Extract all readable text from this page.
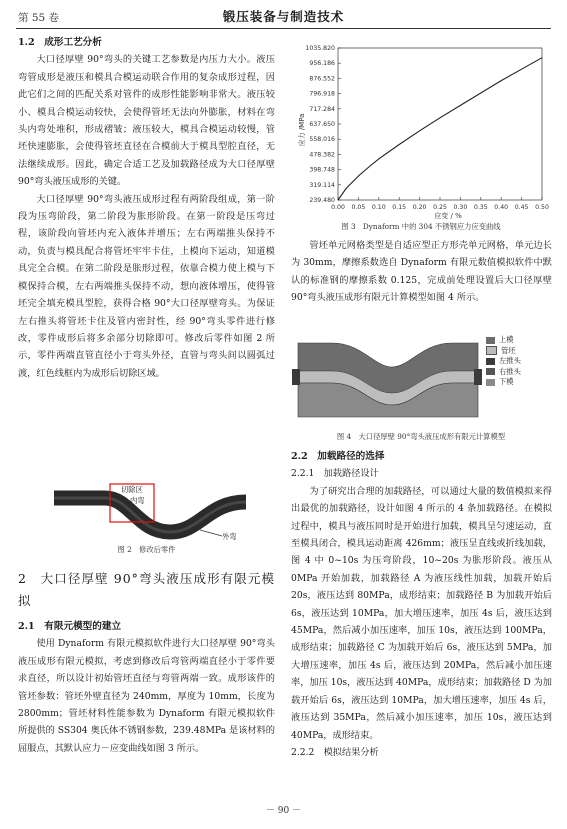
第 55 卷	锻压装备与制造技术
1.2　成形工艺分析

大口径厚壁 90°弯头的关键工艺参数是内压力大小。液压弯管成形是液压和模具合模运动联合作用的复杂成形过程，因此它们之间的匹配关系对管件的成形性能影响非常大。液压较小、模具合模运动较快，会使得管坯无法向外膨胀，材料在弯头内弯处堆积，形成褶皱；液压较大，模具合模运动较慢，管坯快速膨胀，会使得管坯直径在合模前大于模具型腔直径，无法继续成形。因此，确定合适工艺及加载路径成为大口径厚壁 90°弯头液压成形的关键。

大口径厚壁 90°弯头液压成形过程有两阶段组成，第一阶段为压弯阶段，第二阶段为胀形阶段。在第一阶段是压弯过程，该阶段向管坯内充入液体并增压；左右两端推头保持不动，负责与模具配合将管坯牢牢卡住，上模向下运动，知道模具完全合模。在第二阶段是胀形过程，依靠合模力使上模与下模保持合模，左右两端推头保持不动，想向液体增压，使得管坯完全填充模具型腔，获得合格 90°大口径厚壁弯头。为保证左右推头将管坯卡住及管内密封性，经 90°弯头零件进行修改，零件成形后将多余部分切除即可。修改后零件如图 2 所示，零件两端直管直径小于弯头外径，直管与弯头间以圆弧过渡，红色线框内为成形后切除区域。

切除区
内弯
外弯
图 2　修改后零件
2　大口径厚壁 90°弯头液压成形有限元模拟
2.1　有限元模型的建立

使用 Dynaform 有限元模拟软件进行大口径厚壁 90°弯头液压成形有限元模拟，考虑到修改后弯管两端直径小于零件要求直径，所以设计初始管坯直径与弯管两端一致。成形该件的管坯参数：管坯外壁直径为 240mm，厚度为 10mm，长度为 2800mm；管坯材料性能参数为 Dynaform 有限元模拟软件所提供的 SS304 奥氏体不锈钢参数，239.48MPa 是该材料的屈服点，其默认应力－应变曲线如图 3 所示。

239.480
319.114
398.748
478.382
558.016
637.650
717.284
796.918
876.552
956.186
1035.820
0.00 0.05 0.10 0.15 0.20 0.25 0.30 0.35 0.40 0.45 0.50
应力 /MPa
应变 / %
图 3　Dynaform 中的 304 不锈钢应力应变曲线

管坯单元网格类型是自适应型正方形壳单元网格，单元边长为 30mm，摩擦系数选自 Dynaform 有限元数值模拟软件中默认的标准钢的摩擦系数 0.125，完成前处理设置后大口径厚壁 90°弯头液压成形有限元计算模型如图 4 所示。

上模
管坯
左推头
右推头
下模
图 4　大口径厚壁 90°弯头液压成形有限元计算模型
2.2　加载路径的选择
2.2.1　加载路径设计

为了研究出合理的加载路径，可以通过大量的数值模拟来得出最优的加载路径，设计如图 4 所示的 4 条加载路径。在模拟过程中，模具与液压同时是开始进行加载，模具呈匀速运动，直至模具闭合，模具运动距离 426mm；液压呈直线或折线加载，图 4 中 0~10s 为压弯阶段，10~20s 为胀形阶段。液压从 0MPa 开始加载，加载路径 A 为液压线性加载，加载开始后 20s，液压达到 80MPa，成形结束；加载路径 B 为加载开始后 6s，液压达到 10MPa，加大增压速率，加压 4s 后，液压达到 45MPa，然后减小加压速率，加压 10s，液压达到 100MPa，成形结束；加载路径 C 为加载开始后 6s，液压达到 5MPa，加大增压速率，加压 4s 后，液压达到 20MPa，然后减小加压速率，加压 10s，液压达到 40MPa，成形结束；加载路径 D 为加载开始后 6s，液压达到 10MPa，加大增压速率，加压 4s 后，液压达到 35MPa，然后减小加压速率，加压 10s，液压达到 40MPa，成形结束。

2.2.2　模拟结果分析
－ 90 －
